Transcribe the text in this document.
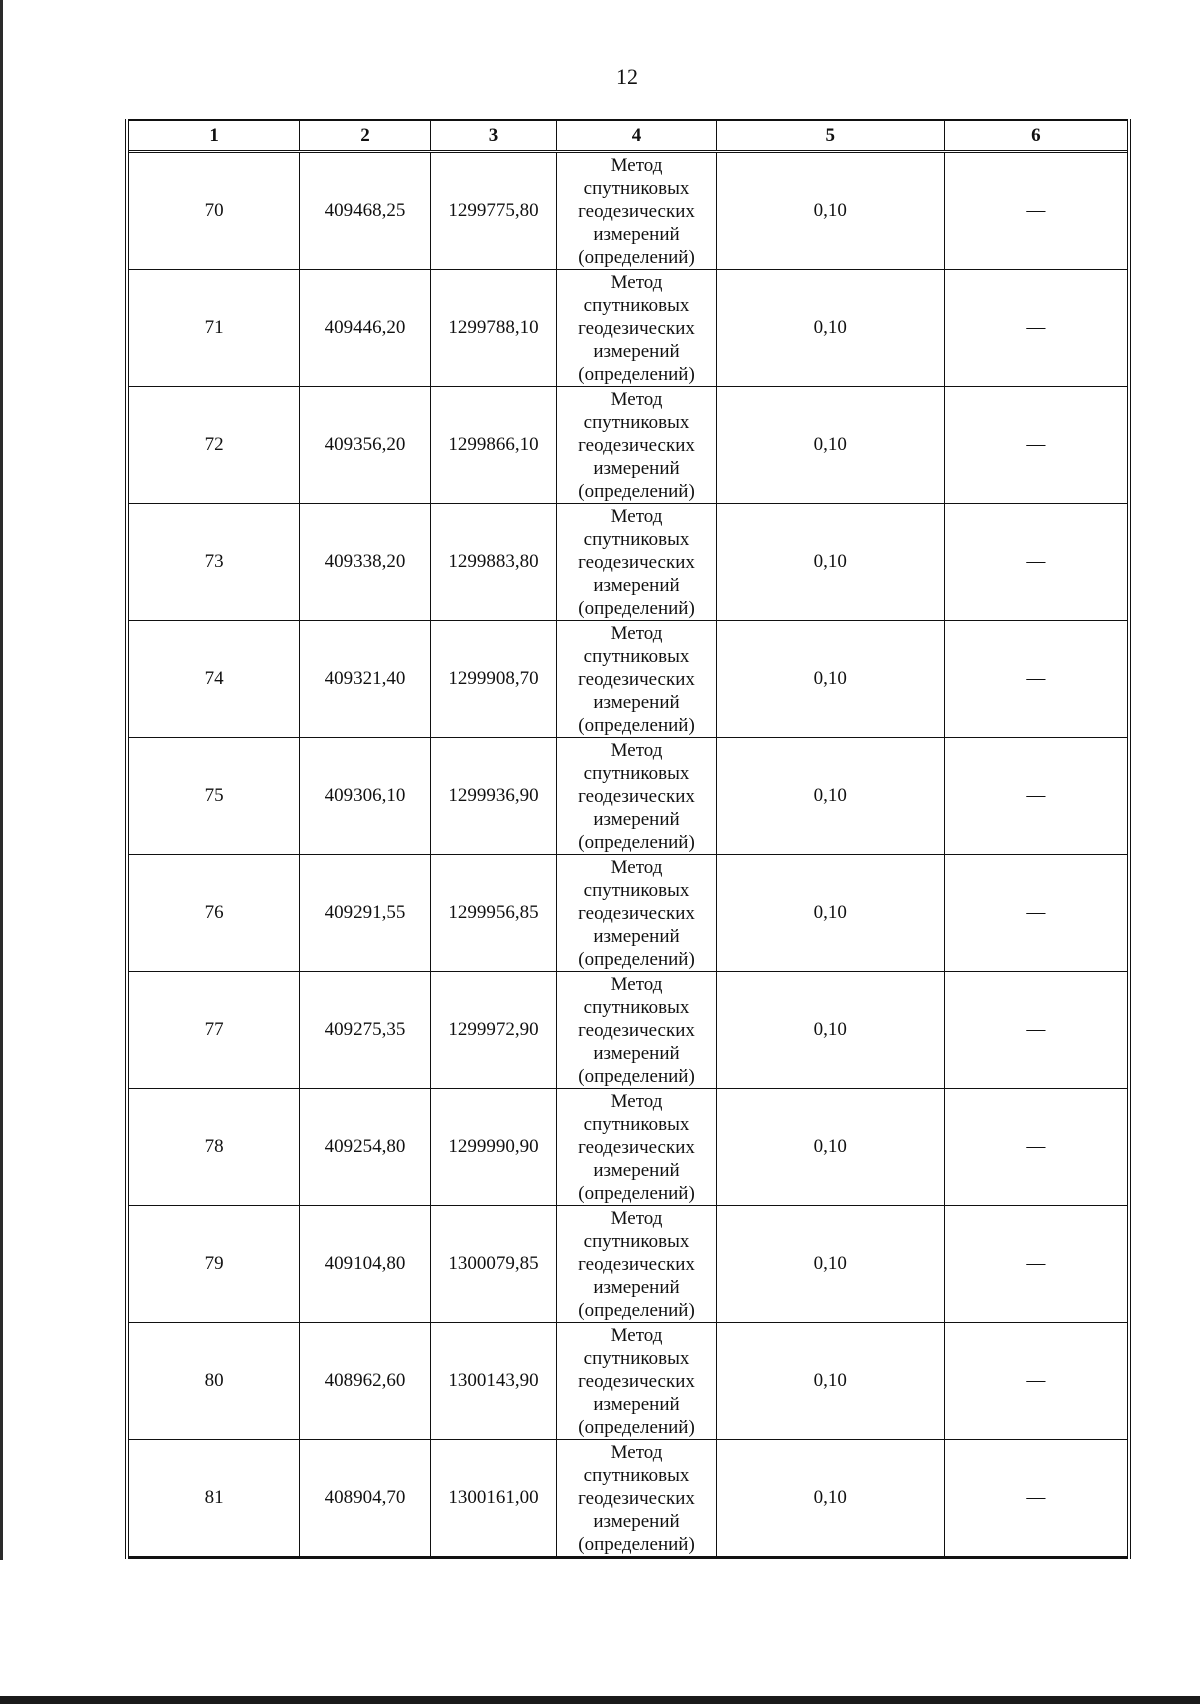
12
1	2	3	4	5	6
70	409468,25	1299775,80	Метод
спутниковых
геодезических
измерений
(определений)	0,10	—
71	409446,20	1299788,10	Метод
спутниковых
геодезических
измерений
(определений)	0,10	—
72	409356,20	1299866,10	Метод
спутниковых
геодезических
измерений
(определений)	0,10	—
73	409338,20	1299883,80	Метод
спутниковых
геодезических
измерений
(определений)	0,10	—
74	409321,40	1299908,70	Метод
спутниковых
геодезических
измерений
(определений)	0,10	—
75	409306,10	1299936,90	Метод
спутниковых
геодезических
измерений
(определений)	0,10	—
76	409291,55	1299956,85	Метод
спутниковых
геодезических
измерений
(определений)	0,10	—
77	409275,35	1299972,90	Метод
спутниковых
геодезических
измерений
(определений)	0,10	—
78	409254,80	1299990,90	Метод
спутниковых
геодезических
измерений
(определений)	0,10	—
79	409104,80	1300079,85	Метод
спутниковых
геодезических
измерений
(определений)	0,10	—
80	408962,60	1300143,90	Метод
спутниковых
геодезических
измерений
(определений)	0,10	—
81	408904,70	1300161,00	Метод
спутниковых
геодезических
измерений
(определений)	0,10	—
